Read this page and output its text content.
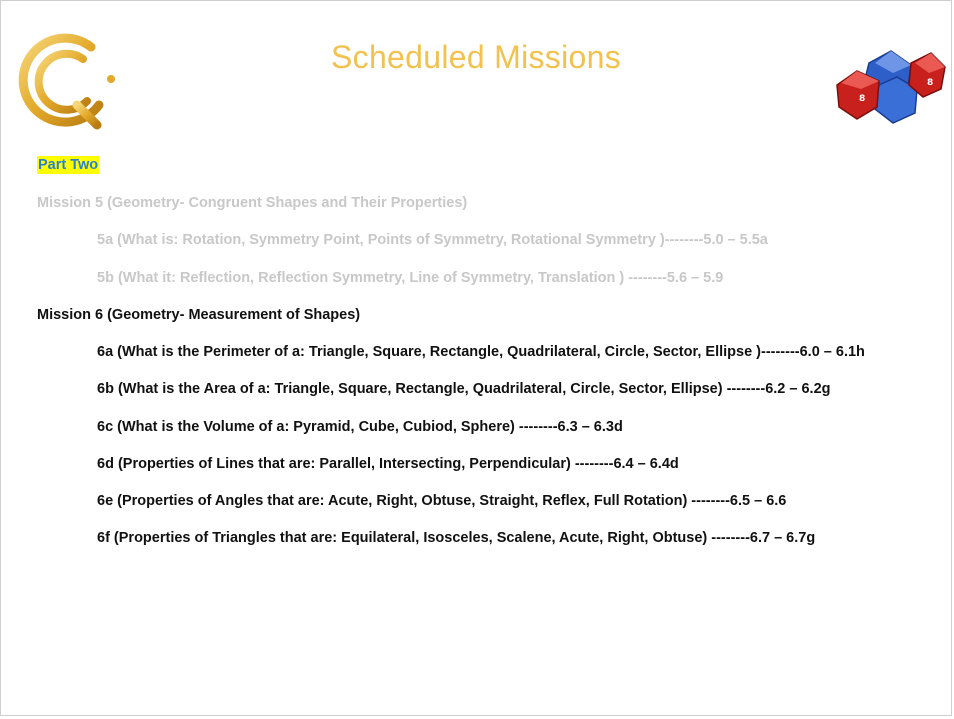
Scheduled Missions
8
8
Part Two
Mission 5 (Geometry- Congruent Shapes and Their Properties)
5a (What is: Rotation, Symmetry Point, Points of Symmetry, Rotational Symmetry )--------5.0 – 5.5a
5b (What it: Reflection, Reflection Symmetry, Line of Symmetry, Translation ) --------5.6 – 5.9
Mission 6 (Geometry- Measurement of Shapes)
6a (What is the Perimeter of a: Triangle, Square, Rectangle, Quadrilateral, Circle, Sector, Ellipse )--------6.0 – 6.1h
6b (What is the Area of a: Triangle, Square, Rectangle, Quadrilateral, Circle, Sector, Ellipse) --------6.2 – 6.2g
6c (What is the Volume of a: Pyramid, Cube, Cubiod, Sphere) --------6.3 – 6.3d
6d (Properties of Lines that are: Parallel, Intersecting, Perpendicular) --------6.4 – 6.4d
6e (Properties of Angles that are: Acute, Right, Obtuse, Straight, Reflex, Full Rotation) --------6.5 – 6.6
6f (Properties of Triangles that are: Equilateral, Isosceles, Scalene, Acute, Right, Obtuse) --------6.7 – 6.7g
